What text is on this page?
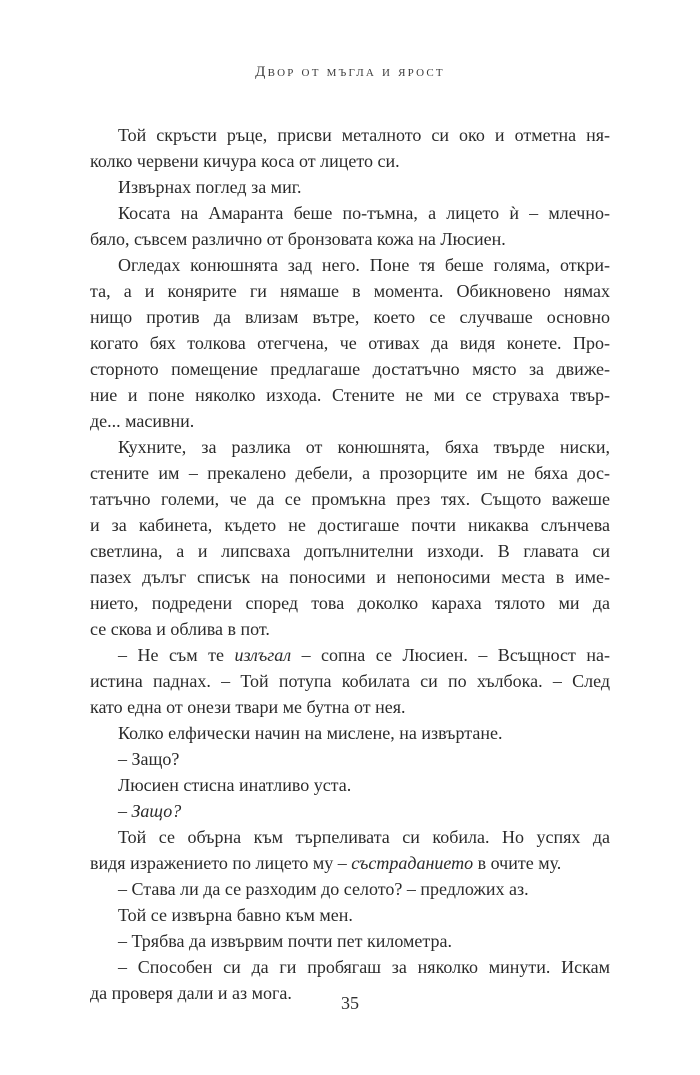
Двор от мъгла и ярост
Той скръсти ръце, присви металното си око и отметна ня-
колко червени кичура коса от лицето си.
Извърнах поглед за миг.
Косата на Амаранта беше по-тъмна, а лицето ѝ – млечно-
бяло, съвсем различно от бронзовата кожа на Люсиен.
Огледах конюшнята зад него. Поне тя беше голяма, откри-
та, а и конярите ги нямаше в момента. Обикновено нямах
нищо против да влизам вътре, което се случваше основно
когато бях толкова отегчена, че отивах да видя конете. Про-
сторното помещение предлагаше достатъчно място за движе-
ние и поне няколко изхода. Стените не ми се струваха твър-
де... масивни.
Кухните, за разлика от конюшнята, бяха твърде ниски,
стените им – прекалено дебели, а прозорците им не бяха дос-
татъчно големи, че да се промъкна през тях. Същото важеше
и за кабинета, където не достигаше почти никаква слънчева
светлина, а и липсваха допълнителни изходи. В главата си
пазех дълъг списък на поносими и непоносими места в име-
нието, подредени според това доколко караха тялото ми да
се скова и облива в пот.
– Не съм те излъгал – сопна се Люсиен. – Всъщност на-
истина паднах. – Той потупа кобилата си по хълбока. – След
като една от онези твари ме бутна от нея.
Колко елфически начин на мислене, на извъртане.
– Защо?
Люсиен стисна инатливо уста.
– Защо?
Той се обърна към търпеливата си кобила. Но успях да
видя изражението по лицето му – състраданието в очите му.
– Става ли да се разходим до селото? – предложих аз.
Той се извърна бавно към мен.
– Трябва да извървим почти пет километра.
– Способен си да ги пробягаш за няколко минути. Искам
да проверя дали и аз мога.	35
